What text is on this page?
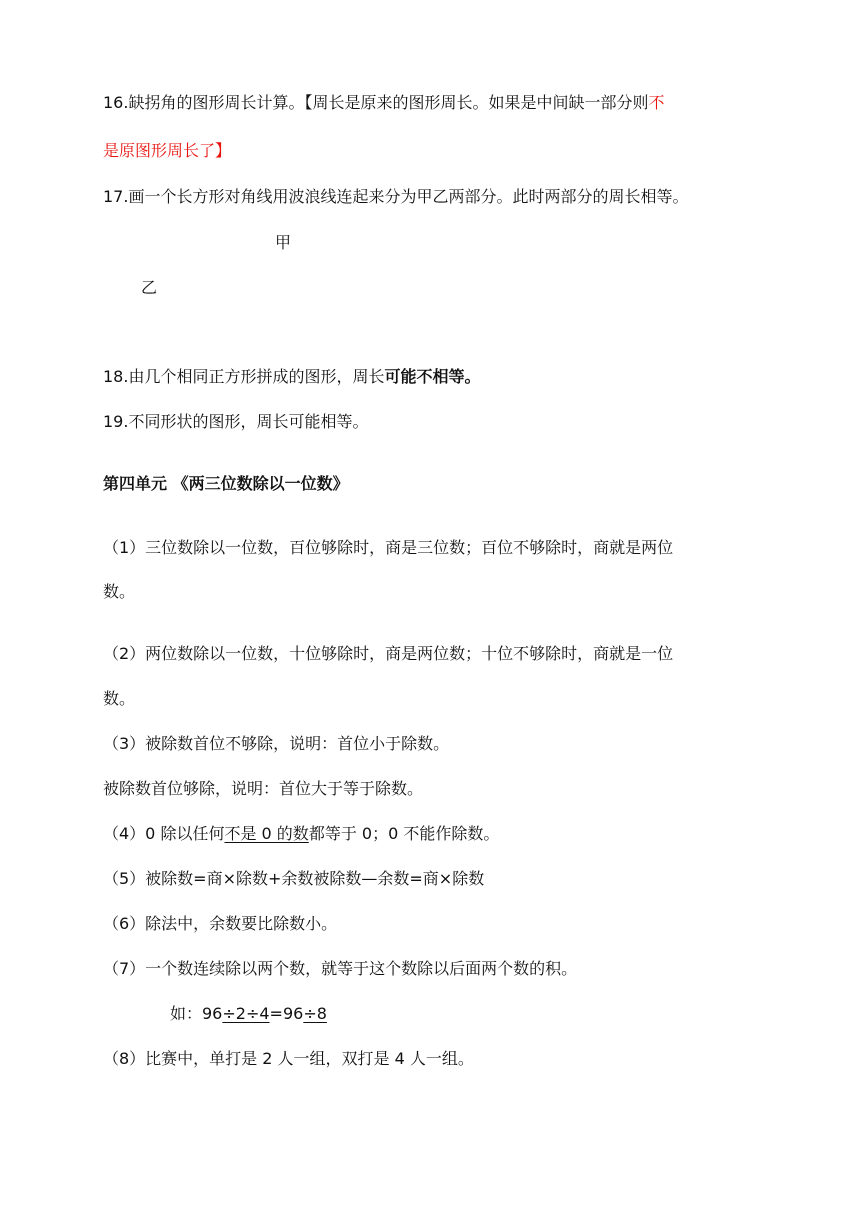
16.缺拐角的图形周长计算。【周长是原来的图形周长。如果是中间缺一部分则不
是原图形周长了】
17.画一个长方形对角线用波浪线连起来分为甲乙两部分。此时两部分的周长相等。
甲
乙
18.由几个相同正方形拼成的图形，周长可能不相等。
19.不同形状的图形，周长可能相等。
第四单元 《两三位数除以一位数》
（1）三位数除以一位数，百位够除时，商是三位数；百位不够除时，商就是两位
数。
（2）两位数除以一位数，十位够除时，商是两位数；十位不够除时，商就是一位
数。
（3）被除数首位不够除，说明：首位小于除数。
被除数首位够除，说明：首位大于等于除数。
（4）0 除以任何不是 0 的数都等于 0；0 不能作除数。
（5）被除数=商×除数+余数被除数—余数=商×除数
（6）除法中，余数要比除数小。
（7）一个数连续除以两个数，就等于这个数除以后面两个数的积。
如：96÷2÷4=96÷8
（8）比赛中，单打是 2 人一组，双打是 4 人一组。
